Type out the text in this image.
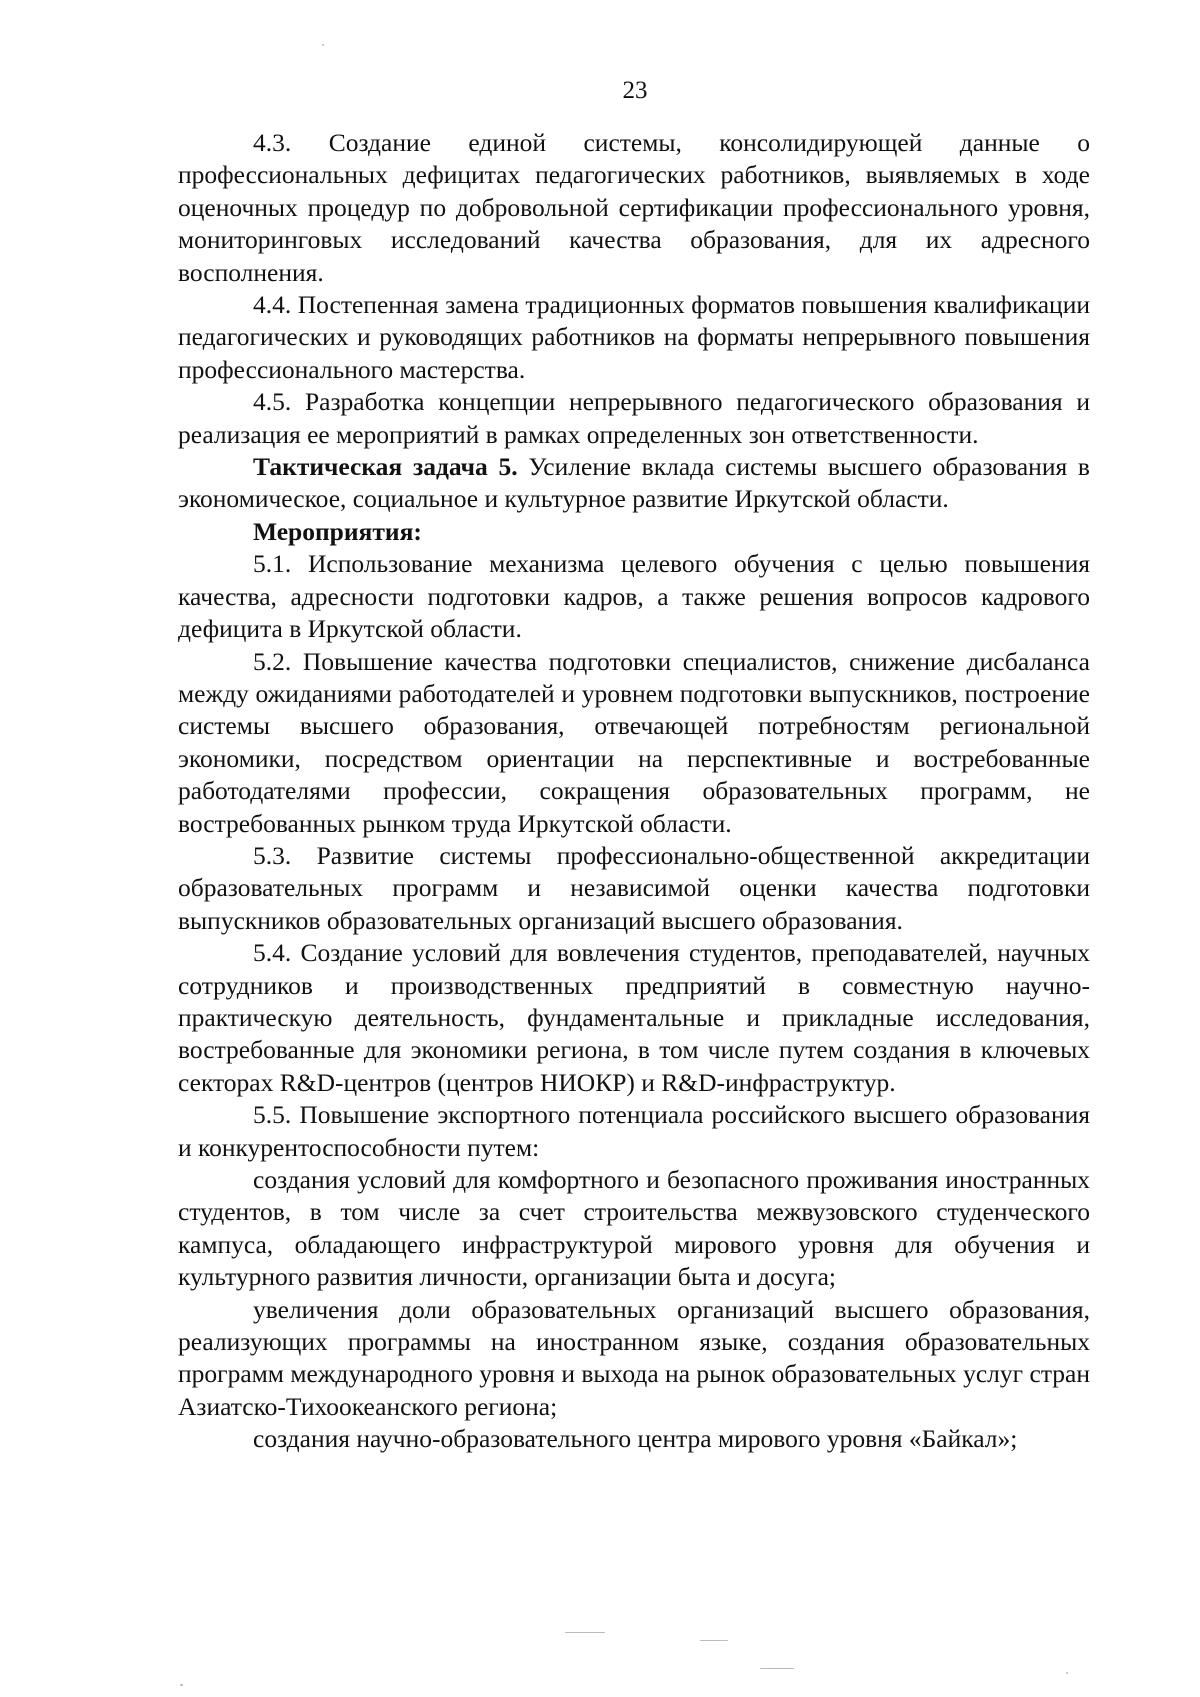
23

4.3. Создание единой системы, консолидирующей данные о профессиональных дефицитах педагогических работников, выявляемых в ходе оценочных процедур по добровольной сертификации профессионального уровня, мониторинговых исследований качества образования, для их адресного восполнения.

4.4. Постепенная замена традиционных форматов повышения квалификации педагогических и руководящих работников на форматы непрерывного повышения профессионального мастерства.

4.5. Разработка концепции непрерывного педагогического образования и реализация ее мероприятий в рамках определенных зон ответственности.

Тактическая задача 5. Усиление вклада системы высшего образования в экономическое, социальное и культурное развитие Иркутской области.

Мероприятия:

5.1. Использование механизма целевого обучения с целью повышения качества, адресности подготовки кадров, а также решения вопросов кадрового дефицита в Иркутской области.

5.2. Повышение качества подготовки специалистов, снижение дисбаланса между ожиданиями работодателей и уровнем подготовки выпускников, построение системы высшего образования, отвечающей потребностям региональной экономики, посредством ориентации на перспективные и востребованные работодателями профессии, сокращения образовательных программ, не востребованных рынком труда Иркутской области.

5.3. Развитие системы профессионально-общественной аккредитации образовательных программ и независимой оценки качества подготовки выпускников образовательных организаций высшего образования.

5.4. Создание условий для вовлечения студентов, преподавателей, научных сотрудников и производственных предприятий в совместную научно-практическую деятельность, фундаментальные и прикладные исследования, востребованные для экономики региона, в том числе путем создания в ключевых секторах R&D-центров (центров НИОКР) и R&D-инфраструктур.

5.5. Повышение экспортного потенциала российского высшего образования и конкурентоспособности путем:

создания условий для комфортного и безопасного проживания иностранных студентов, в том числе за счет строительства межвузовского студенческого кампуса, обладающего инфраструктурой мирового уровня для обучения и культурного развития личности, организации быта и досуга;

увеличения доли образовательных организаций высшего образования, реализующих программы на иностранном языке, создания образовательных программ международного уровня и выхода на рынок образовательных услуг стран Азиатско-Тихоокеанского региона;

создания научно-образовательного центра мирового уровня «Байкал»;
